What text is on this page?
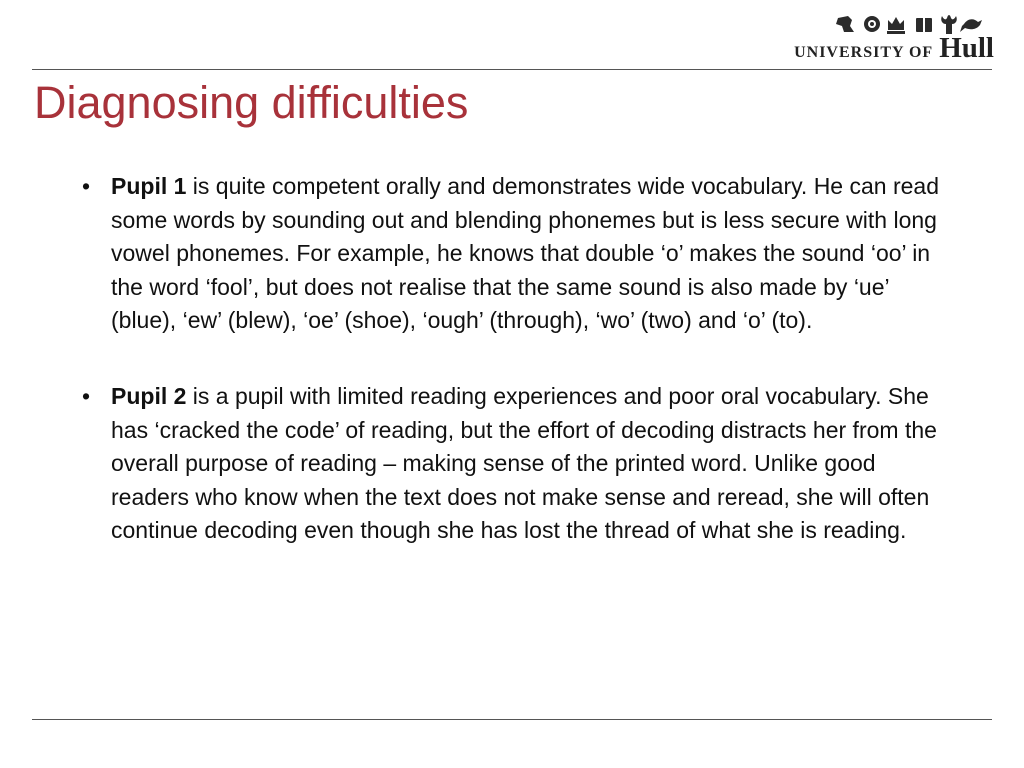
UNIVERSITY OF Hull
Diagnosing difficulties
• Pupil 1 is quite competent orally and demonstrates wide vocabulary. He can read some words by sounding out and blending phonemes but is less secure with long vowel phonemes. For example, he knows that double ‘o’ makes the sound ‘oo’ in the word ‘fool’, but does not realise that the same sound is also made by ‘ue’ (blue), ‘ew’ (blew), ‘oe’ (shoe), ‘ough’ (through), ‘wo’ (two) and ‘o’ (to).
• Pupil 2 is a pupil with limited reading experiences and poor oral vocabulary. She has ‘cracked the code’ of reading, but the effort of decoding distracts her from the overall purpose of reading – making sense of the printed word. Unlike good readers who know when the text does not make sense and reread, she will often continue decoding even though she has lost the thread of what she is reading.
